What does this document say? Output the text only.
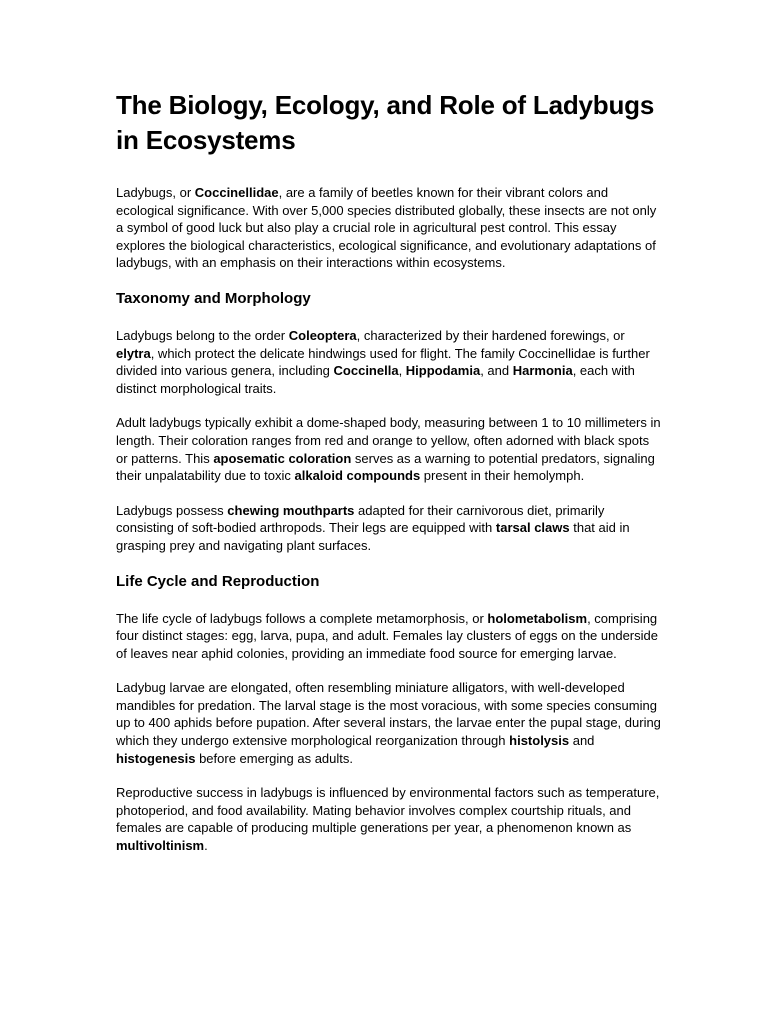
The Biology, Ecology, and Role of Ladybugs in Ecosystems

Ladybugs, or Coccinellidae, are a family of beetles known for their vibrant colors and ecological significance. With over 5,000 species distributed globally, these insects are not only a symbol of good luck but also play a crucial role in agricultural pest control. This essay explores the biological characteristics, ecological significance, and evolutionary adaptations of ladybugs, with an emphasis on their interactions within ecosystems.

Taxonomy and Morphology

Ladybugs belong to the order Coleoptera, characterized by their hardened forewings, or elytra, which protect the delicate hindwings used for flight. The family Coccinellidae is further divided into various genera, including Coccinella, Hippodamia, and Harmonia, each with distinct morphological traits.

Adult ladybugs typically exhibit a dome-shaped body, measuring between 1 to 10 millimeters in length. Their coloration ranges from red and orange to yellow, often adorned with black spots or patterns. This aposematic coloration serves as a warning to potential predators, signaling their unpalatability due to toxic alkaloid compounds present in their hemolymph.

Ladybugs possess chewing mouthparts adapted for their carnivorous diet, primarily consisting of soft-bodied arthropods. Their legs are equipped with tarsal claws that aid in grasping prey and navigating plant surfaces.

Life Cycle and Reproduction

The life cycle of ladybugs follows a complete metamorphosis, or holometabolism, comprising four distinct stages: egg, larva, pupa, and adult. Females lay clusters of eggs on the underside of leaves near aphid colonies, providing an immediate food source for emerging larvae.

Ladybug larvae are elongated, often resembling miniature alligators, with well-developed mandibles for predation. The larval stage is the most voracious, with some species consuming up to 400 aphids before pupation. After several instars, the larvae enter the pupal stage, during which they undergo extensive morphological reorganization through histolysis and histogenesis before emerging as adults.

Reproductive success in ladybugs is influenced by environmental factors such as temperature, photoperiod, and food availability. Mating behavior involves complex courtship rituals, and females are capable of producing multiple generations per year, a phenomenon known as multivoltinism.
